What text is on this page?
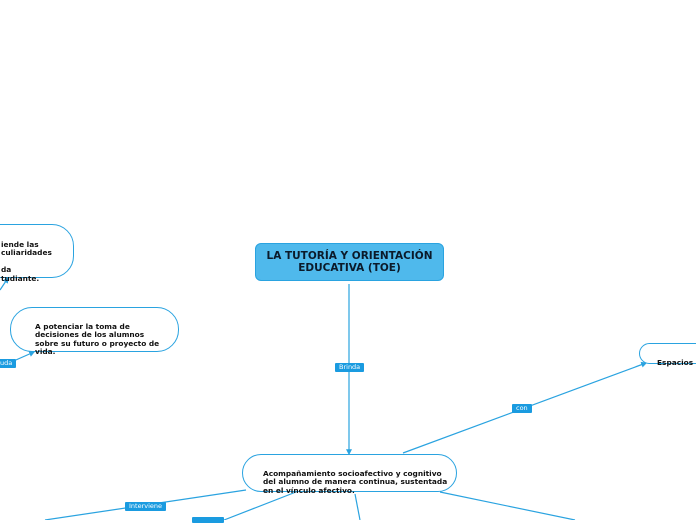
LA TUTORÍA Y ORIENTACIÓN
EDUCATIVA (TOE)

Acompañamiento socioafectivo y cognitivo
del alumno de manera continua, sustentada
en el vínculo afectivo.

A potenciar la toma de
decisiones de los alumnos
sobre su futuro o proyecto de
vida.

iende las
culiaridades

da
tudiante.

Espacios

Brinda
con
Interviene
uda
